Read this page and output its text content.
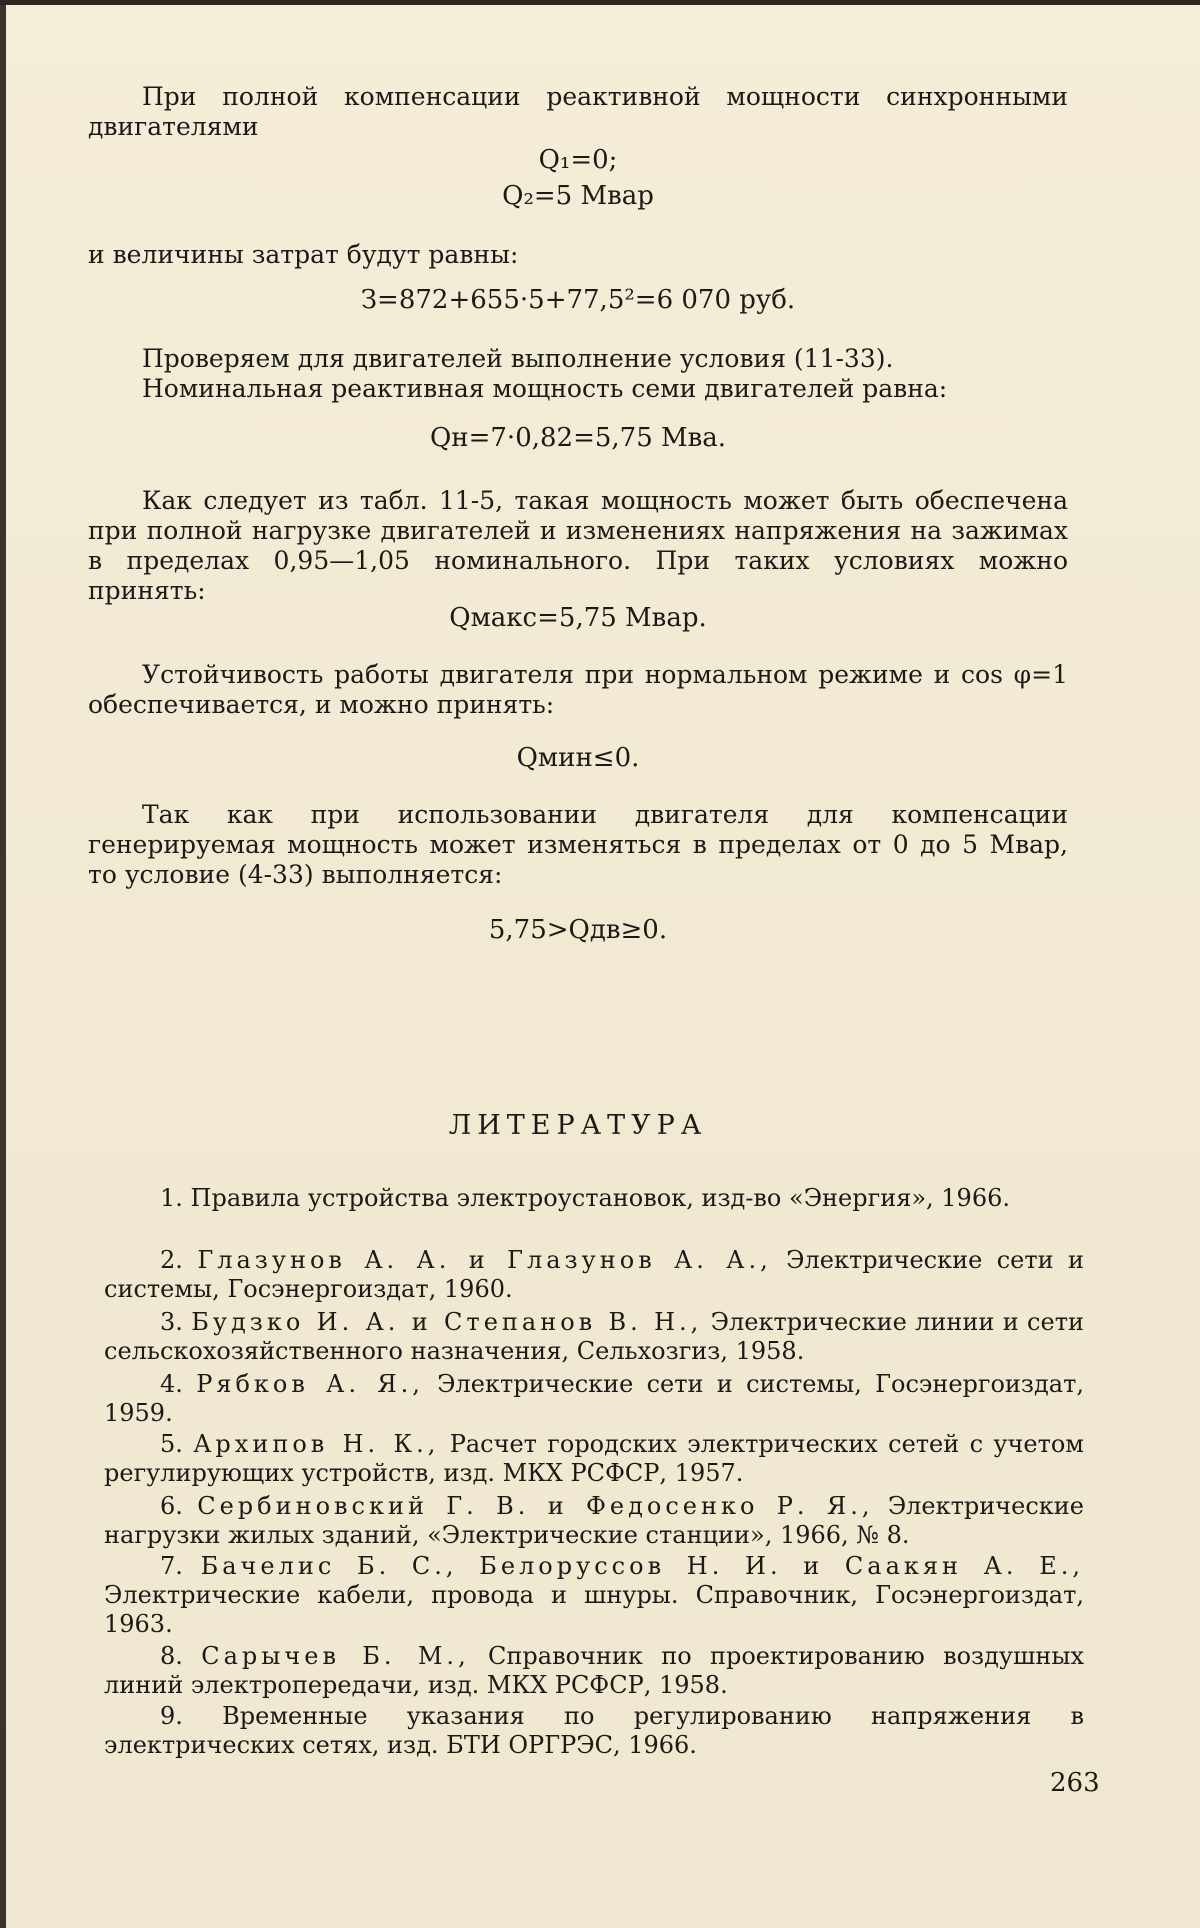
При полной компенсации реактивной мощности синхронными двигателями
Q₁=0;
Q₂=5 Мвар
и величины затрат будут равны:
З=872+655·5+77,5²=6 070 руб.
Проверяем для двигателей выполнение условия (11-33).
Номинальная реактивная мощность семи двигателей равна:
Qн=7·0,82=5,75 Мва.
Как следует из табл. 11-5, такая мощность может быть обеспечена при полной нагрузке двигателей и изменениях напряжения на зажимах в пределах 0,95—1,05 номинального. При таких условиях можно принять:
Qмакс=5,75 Мвар.
Устойчивость работы двигателя при нормальном режиме и cos φ=1 обеспечивается, и можно принять:
Qмин≤0.
Так как при использовании двигателя для компенсации генерируемая мощность может изменяться в пределах от 0 до 5 Мвар, то условие (4-33) выполняется:
5,75>Qдв≥0.
ЛИТЕРАТУРА
1. Правила устройства электроустановок, изд-во «Энергия», 1966.
2. Глазунов А. А. и Глазунов А. А., Электрические сети и системы, Госэнергоиздат, 1960.
3. Будзко И. А. и Степанов В. Н., Электрические линии и сети сельскохозяйственного назначения, Сельхозгиз, 1958.
4. Рябков А. Я., Электрические сети и системы, Госэнергоиздат, 1959.
5. Архипов Н. К., Расчет городских электрических сетей с учетом регулирующих устройств, изд. МКХ РСФСР, 1957.
6. Сербиновский Г. В. и Федосенко Р. Я., Электрические нагрузки жилых зданий, «Электрические станции», 1966, № 8.
7. Бачелис Б. С., Белоруссов Н. И. и Саакян А. Е., Электрические кабели, провода и шнуры. Справочник, Госэнергоиздат, 1963.
8. Сарычев Б. М., Справочник по проектированию воздушных линий электропередачи, изд. МКХ РСФСР, 1958.
9. Временные указания по регулированию напряжения в электрических сетях, изд. БТИ ОРГРЭС, 1966.
263
